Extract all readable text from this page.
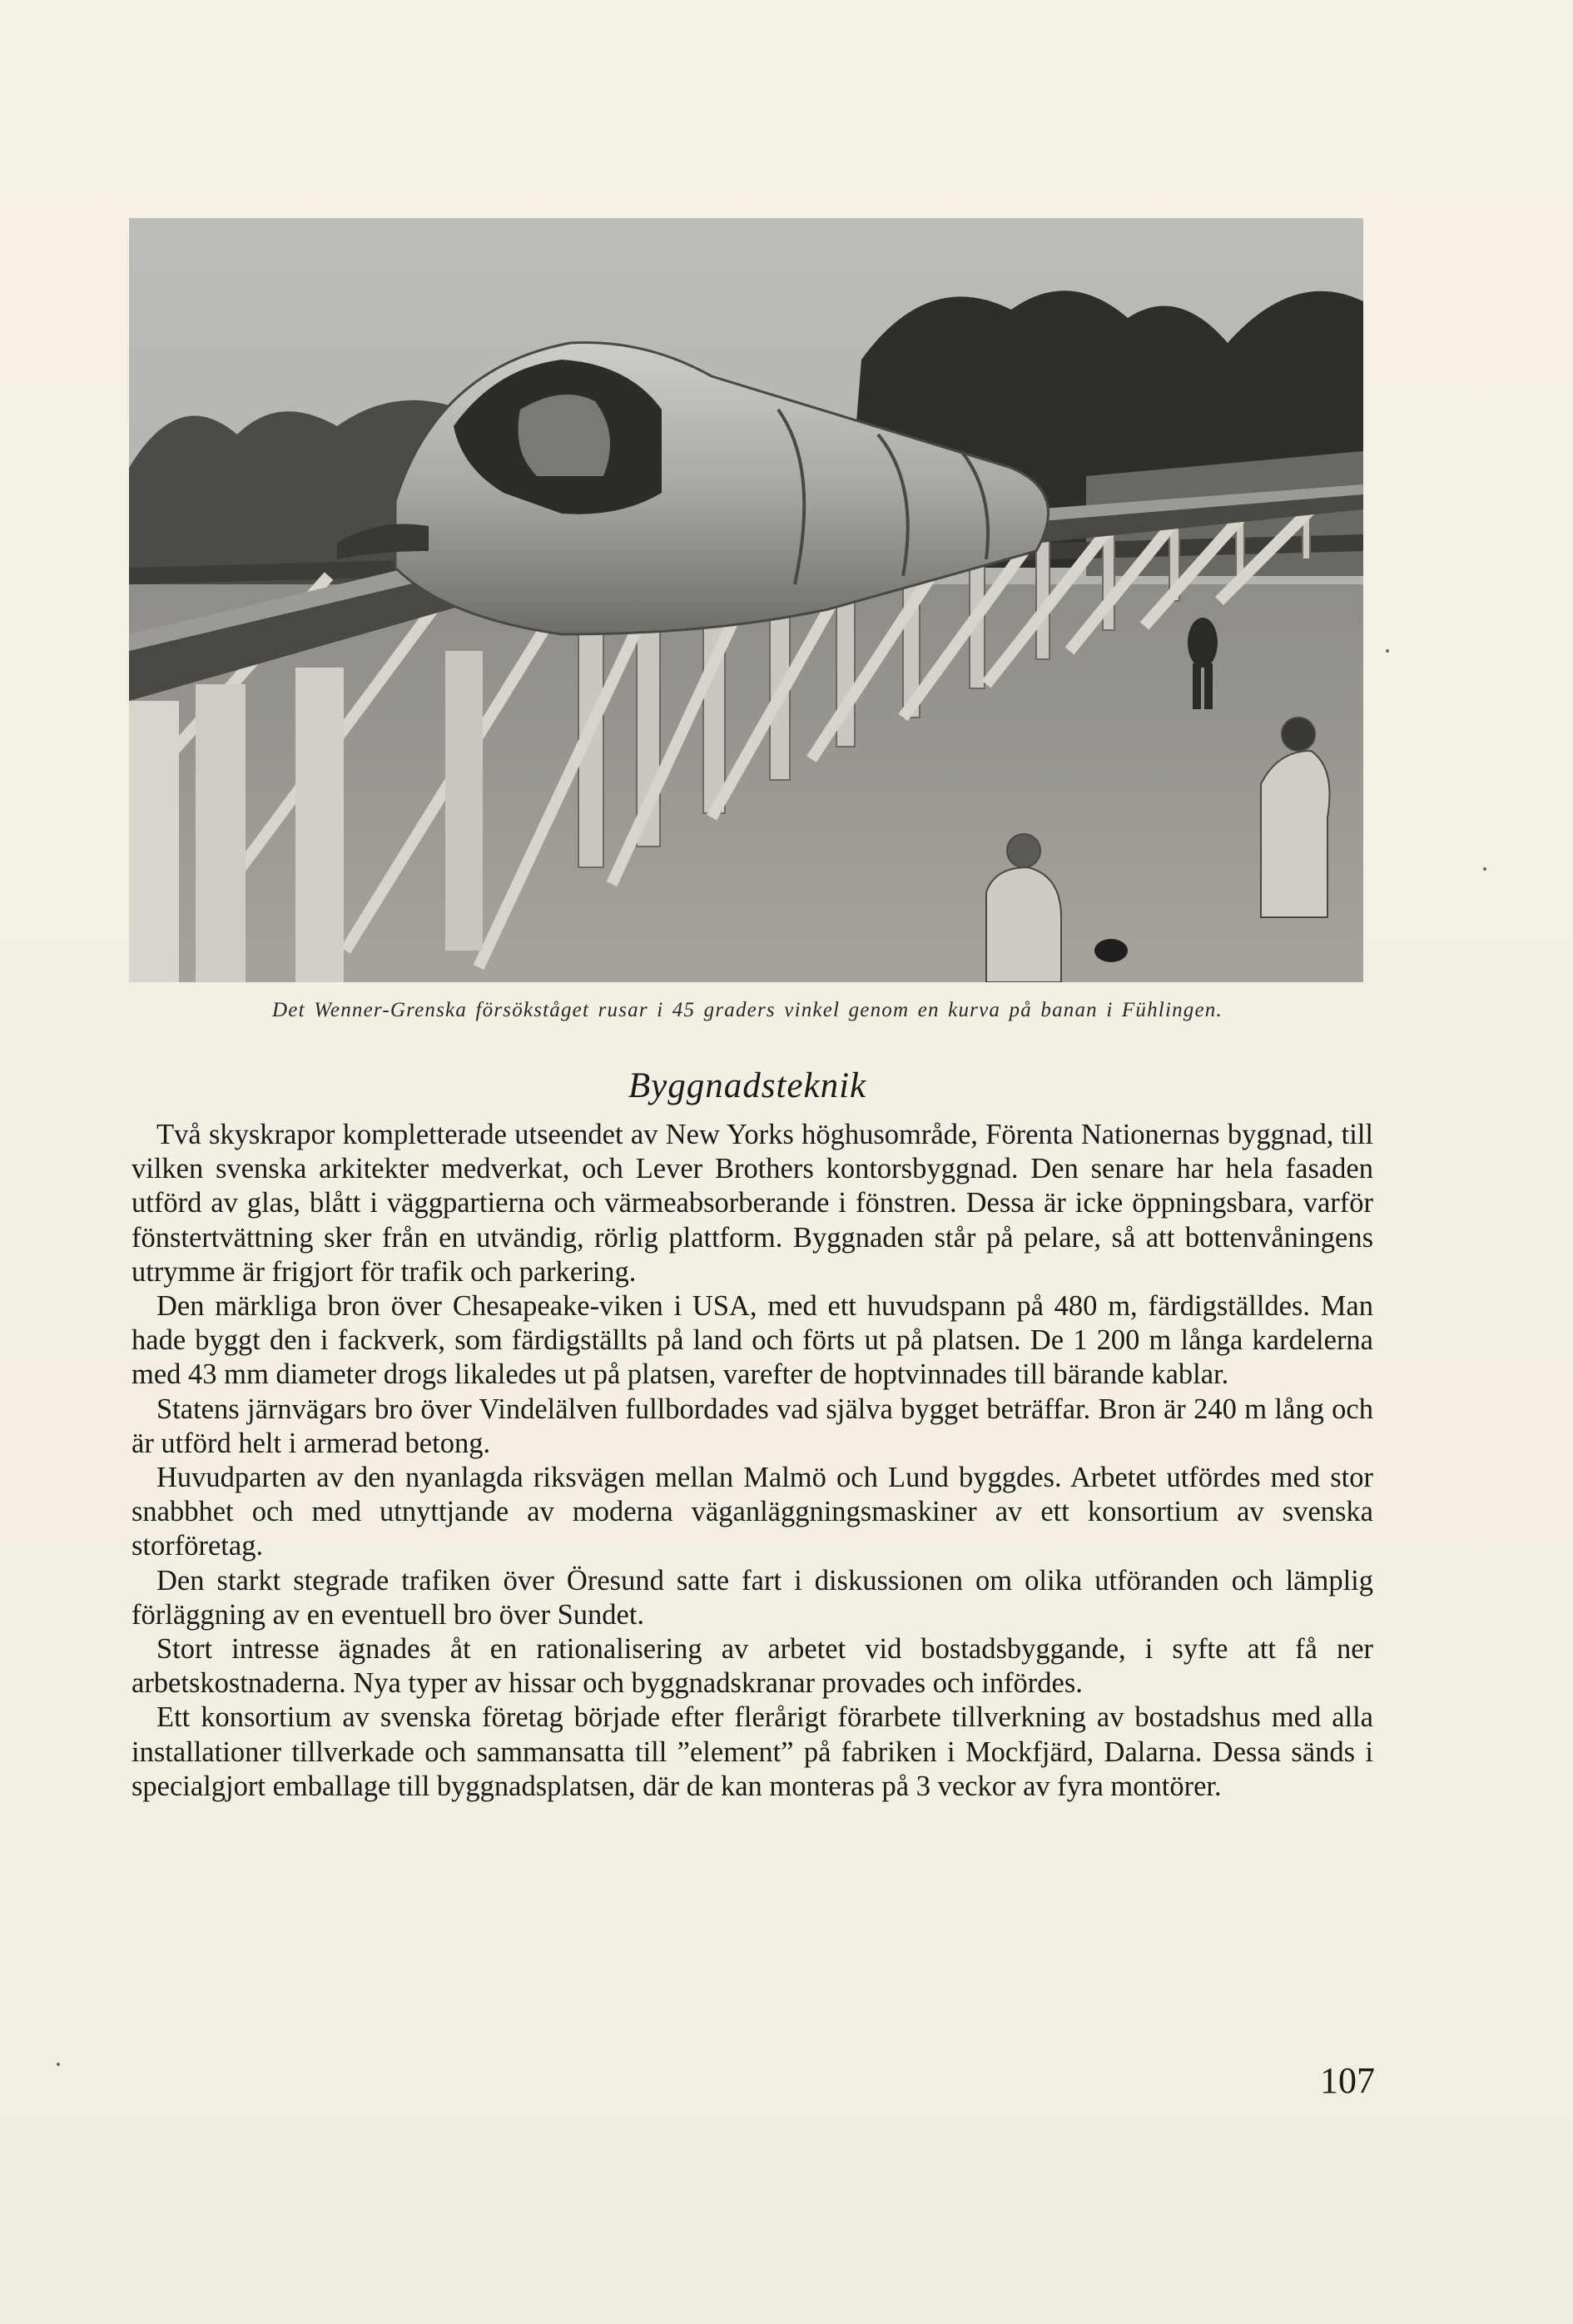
Det Wenner-Grenska försökståget rusar i 45 graders vinkel genom en kurva på banan i Fühlingen.
Byggnadsteknik

Två skyskrapor kompletterade utseendet av New Yorks höghusområde, Förenta Nationernas byggnad, till vilken svenska arkitekter medverkat, och Lever Brothers kontorsbyggnad. Den senare har hela fasaden utförd av glas, blått i väggpartierna och värmeabsorberande i fönstren. Dessa är icke öppningsbara, varför fönstertvättning sker från en utvändig, rörlig plattform. Byggnaden står på pelare, så att bottenvåningens utrymme är frigjort för trafik och parkering.

Den märkliga bron över Chesapeake-viken i USA, med ett huvudspann på 480 m, färdigställdes. Man hade byggt den i fackverk, som färdigställts på land och förts ut på platsen. De 1 200 m långa kardelerna med 43 mm diameter drogs likaledes ut på platsen, varefter de hoptvinnades till bärande kablar.

Statens järnvägars bro över Vindelälven fullbordades vad själva bygget beträffar. Bron är 240 m lång och är utförd helt i armerad betong.

Huvudparten av den nyanlagda riksvägen mellan Malmö och Lund byggdes. Arbetet utfördes med stor snabbhet och med utnyttjande av moderna väganläggningsmaskiner av ett konsortium av svenska storföretag.

Den starkt stegrade trafiken över Öresund satte fart i diskussionen om olika utföranden och lämplig förläggning av en eventuell bro över Sundet.

Stort intresse ägnades åt en rationalisering av arbetet vid bostadsbyggande, i syfte att få ner arbetskostnaderna. Nya typer av hissar och byggnadskranar provades och infördes.

Ett konsortium av svenska företag började efter flerårigt förarbete tillverkning av bostadshus med alla installationer tillverkade och sammansatta till ”element” på fabriken i Mockfjärd, Dalarna. Dessa sänds i specialgjort emballage till byggnadsplatsen, där de kan monteras på 3 veckor av fyra montörer.

107
